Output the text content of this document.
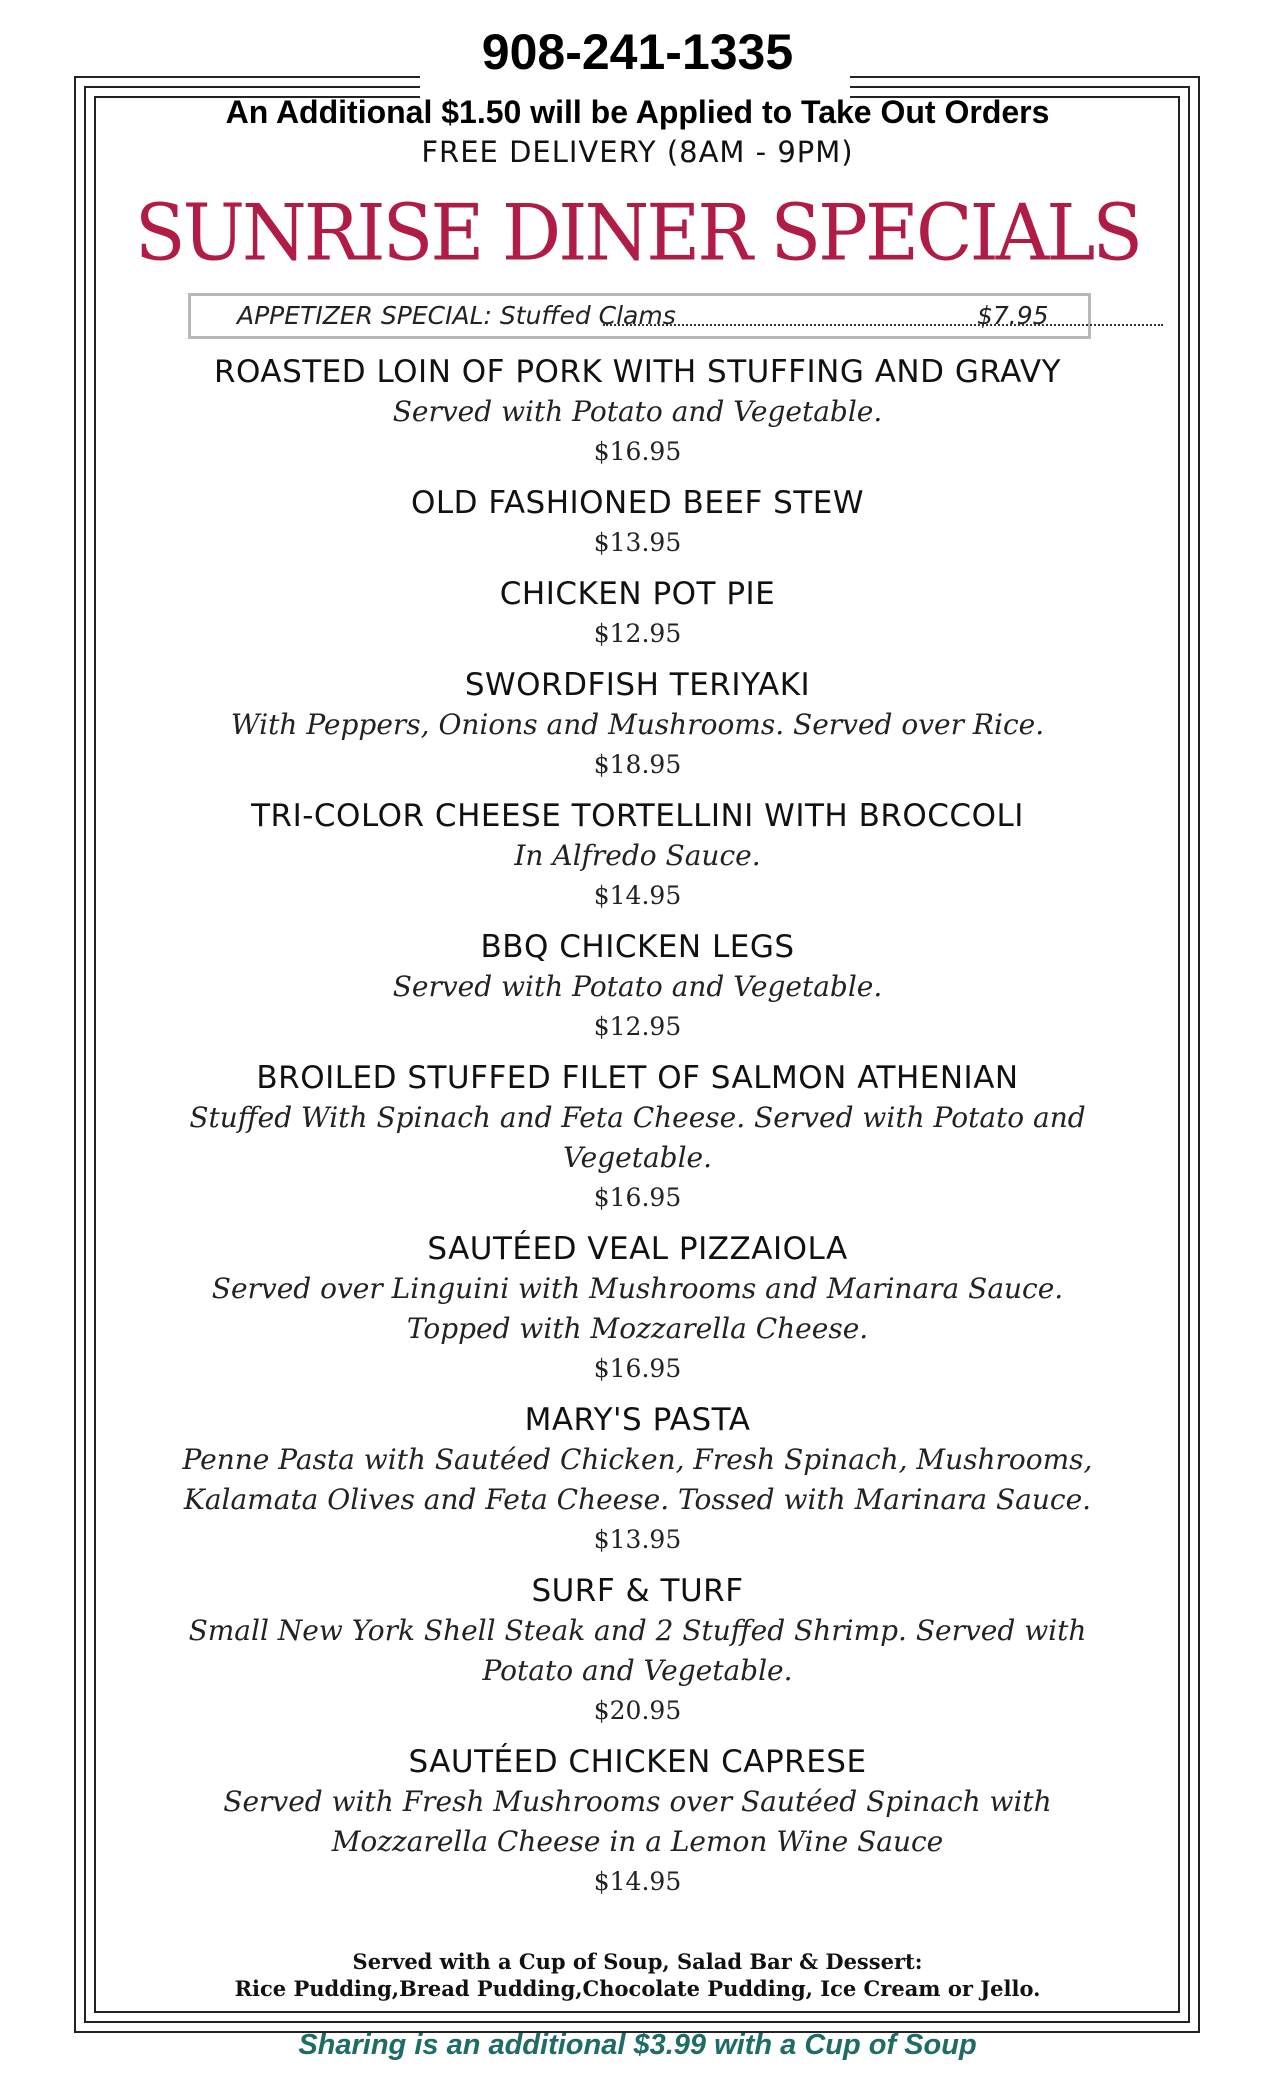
908-241-1335
An Additional $1.50 will be Applied to Take Out Orders
FREE DELIVERY (8AM - 9PM)
SUNRISE DINER SPECIALS
APPETIZER SPECIAL: Stuffed Clams	$7.95
ROASTED LOIN OF PORK WITH STUFFING AND GRAVY
Served with Potato and Vegetable.
$16.95
OLD FASHIONED BEEF STEW
$13.95
CHICKEN POT PIE
$12.95
SWORDFISH TERIYAKI
With Peppers, Onions and Mushrooms. Served over Rice.
$18.95
TRI-COLOR CHEESE TORTELLINI WITH BROCCOLI
In Alfredo Sauce.
$14.95
BBQ CHICKEN LEGS
Served with Potato and Vegetable.
$12.95
BROILED STUFFED FILET OF SALMON ATHENIAN
Stuffed With Spinach and Feta Cheese. Served with Potato and Vegetable.
$16.95
SAUTÉED VEAL PIZZAIOLA
Served over Linguini with Mushrooms and Marinara Sauce. Topped with Mozzarella Cheese.
$16.95
MARY'S PASTA
Penne Pasta with Sautéed Chicken, Fresh Spinach, Mushrooms, Kalamata Olives and Feta Cheese. Tossed with Marinara Sauce.
$13.95
SURF & TURF
Small New York Shell Steak and 2 Stuffed Shrimp. Served with Potato and Vegetable.
$20.95
SAUTÉED CHICKEN CAPRESE
Served with Fresh Mushrooms over Sautéed Spinach with Mozzarella Cheese in a Lemon Wine Sauce
$14.95
Served with a Cup of Soup, Salad Bar & Dessert:
Rice Pudding,Bread Pudding,Chocolate Pudding, Ice Cream or Jello.
Sharing is an additional $3.99 with a Cup of Soup
